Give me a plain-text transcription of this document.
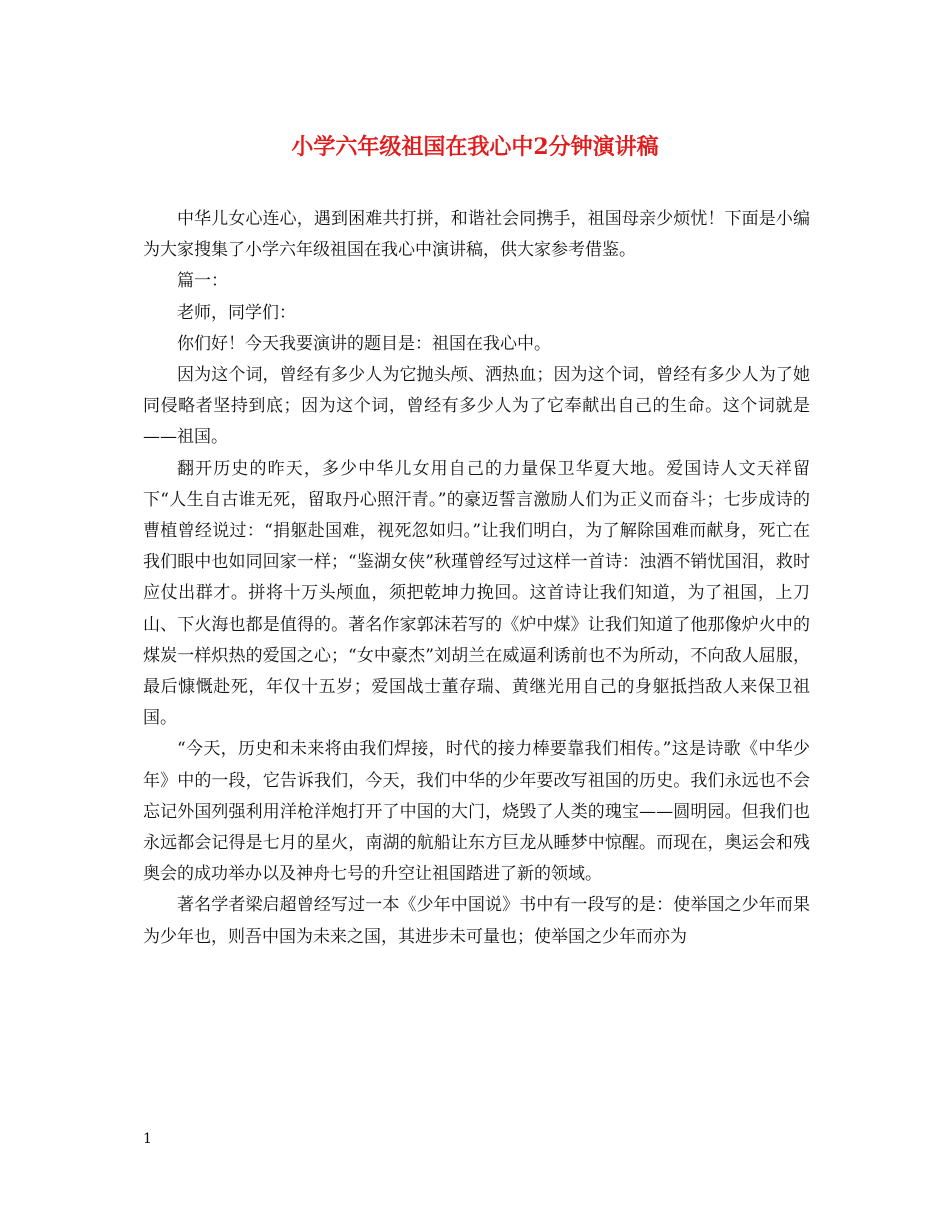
小学六年级祖国在我心中2分钟演讲稿

中华儿女心连心，遇到困难共打拼，和谐社会同携手，祖国母亲少烦忧！下面是小编为大家搜集了小学六年级祖国在我心中演讲稿，供大家参考借鉴。

篇一：

老师，同学们：

你们好！今天我要演讲的题目是：祖国在我心中。

因为这个词，曾经有多少人为它抛头颅、洒热血；因为这个词，曾经有多少人为了她同侵略者坚持到底；因为这个词，曾经有多少人为了它奉献出自己的生命。这个词就是——祖国。

翻开历史的昨天，多少中华儿女用自己的力量保卫华夏大地。爱国诗人文天祥留下“人生自古谁无死，留取丹心照汗青。”的豪迈誓言激励人们为正义而奋斗；七步成诗的曹植曾经说过：“捐躯赴国难，视死忽如归。”让我们明白，为了解除国难而献身，死亡在我们眼中也如同回家一样；“鉴湖女侠”秋瑾曾经写过这样一首诗：浊酒不销忧国泪，救时应仗出群才。拼将十万头颅血，须把乾坤力挽回。这首诗让我们知道，为了祖国，上刀山、下火海也都是值得的。著名作家郭沫若写的《炉中煤》让我们知道了他那像炉火中的煤炭一样炽热的爱国之心；“女中豪杰”刘胡兰在威逼利诱前也不为所动，不向敌人屈服，最后慷慨赴死，年仅十五岁；爱国战士董存瑞、黄继光用自己的身躯抵挡敌人来保卫祖国。

“今天，历史和未来将由我们焊接，时代的接力棒要靠我们相传。”这是诗歌《中华少年》中的一段，它告诉我们，今天，我们中华的少年要改写祖国的历史。我们永远也不会忘记外国列强利用洋枪洋炮打开了中国的大门，烧毁了人类的瑰宝——圆明园。但我们也永远都会记得是七月的星火，南湖的航船让东方巨龙从睡梦中惊醒。而现在，奥运会和残奥会的成功举办以及神舟七号的升空让祖国踏进了新的领域。

著名学者梁启超曾经写过一本《少年中国说》书中有一段写的是：使举国之少年而果为少年也，则吾中国为未来之国，其进步未可量也；使举国之少年而亦为

1
